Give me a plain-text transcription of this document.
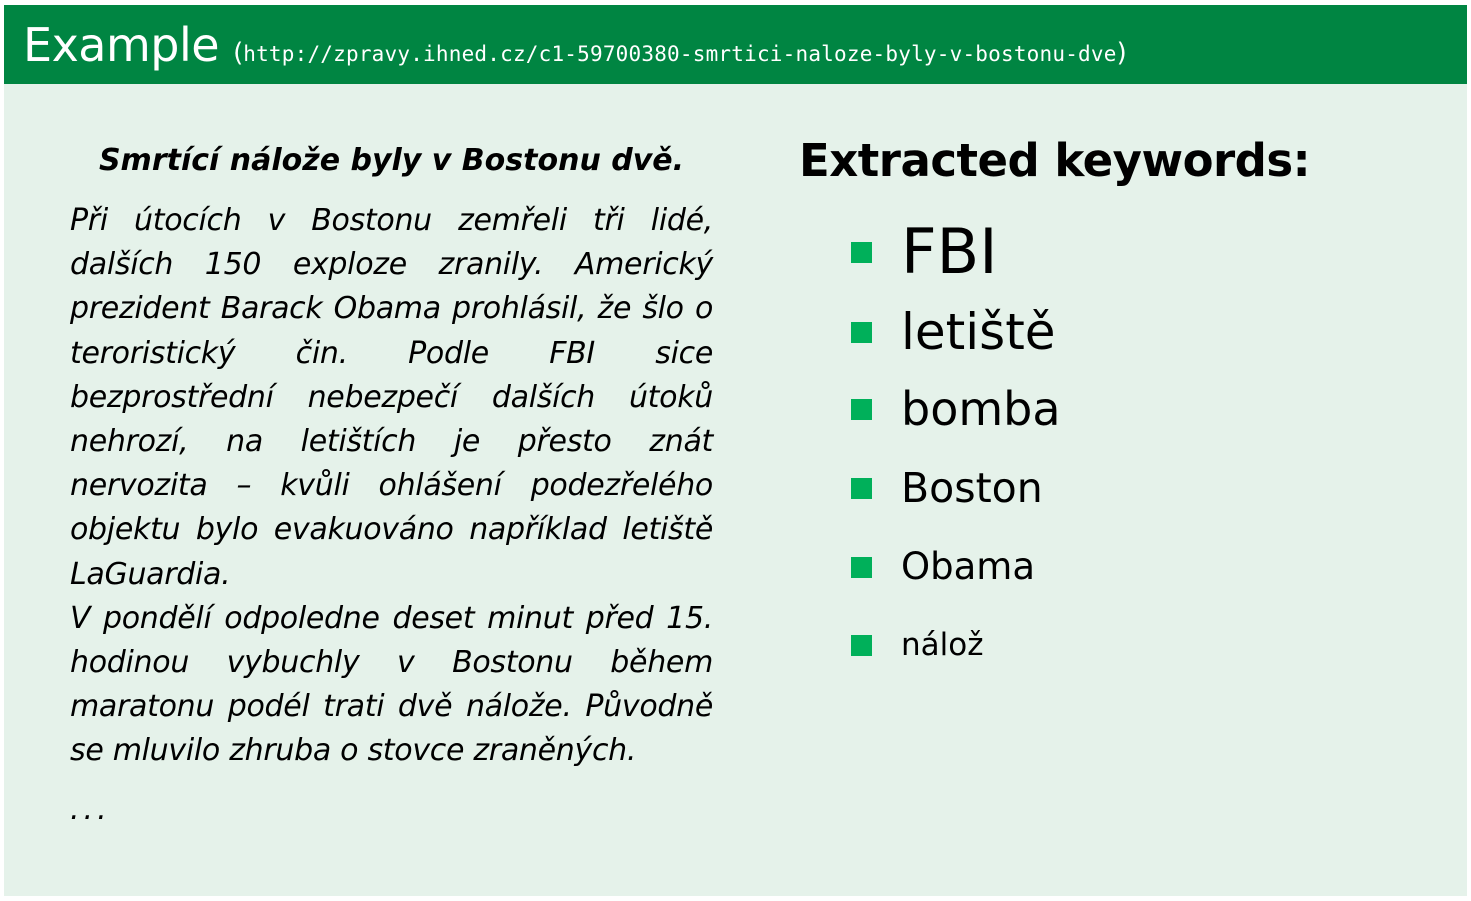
Example (http://zpravy.ihned.cz/c1-59700380-smrtici-naloze-byly-v-bostonu-dve)
Smrtící nálože byly v Bostonu dvě.

Při útocích v Bostonu zemřeli tři lidé, dalších 150 exploze zranily. Americký prezident Barack Obama prohlásil, že šlo o teroristický čin. Podle FBI sice bezprostřední nebezpečí dalších útoků nehrozí, na letištích je přesto znát nervozita – kvůli ohlášení podezřelého objektu bylo evakuováno například letiště LaGuardia.

V pondělí odpoledne deset minut před 15. hodinou vybuchly v Bostonu během maratonu podél trati dvě nálože. Původně se mluvilo zhruba o stovce zraněných.

...
Extracted keywords:
FBI
letiště
bomba
Boston
Obama
nálož
